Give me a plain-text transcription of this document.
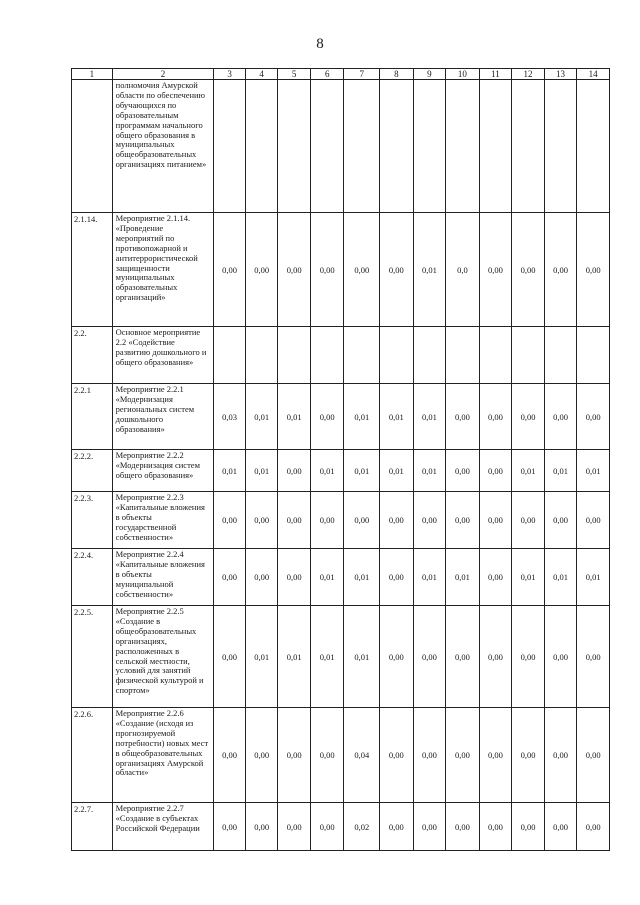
8
1	2	3	4	5	6	7	8	9	10	11	12	13	14
	полномочия Амурской области по обеспечению обучающихся по образовательным программам начального общего образования в муниципальных общеобразовательных организациях питанием»												
2.1.14.	Мероприятие 2.1.14. «Проведение мероприятий по противопожарной и антитеррористической защищенности муниципальных образовательных организаций»	0,00	0,00	0,00	0,00	0,00	0,00	0,01	0,0	0,00	0,00	0,00	0,00
2.2.	Основное мероприятие 2.2 «Содействие развитию дошкольного и общего образования»												
2.2.1	Мероприятие 2.2.1 «Модернизация региональных систем дошкольного образования»	0,03	0,01	0,01	0,00	0,01	0,01	0,01	0,00	0,00	0,00	0,00	0,00
2.2.2.	Мероприятие 2.2.2 «Модернизация систем общего образования»	0,01	0,01	0,00	0,01	0,01	0,01	0,01	0,00	0,00	0,01	0,01	0,01
2.2.3.	Мероприятие 2.2.3 «Капитальные вложения в объекты государственной собственности»	0,00	0,00	0,00	0,00	0,00	0,00	0,00	0,00	0,00	0,00	0,00	0,00
2.2.4.	Мероприятие 2.2.4 «Капитальные вложения в объекты муниципальной собственности»	0,00	0,00	0,00	0,01	0,01	0,00	0,01	0,01	0,00	0,01	0,01	0,01
2.2.5.	Мероприятие 2.2.5 «Создание в общеобразовательных организациях, расположенных в сельской местности, условий для занятий физической культурой и спортом»	0,00	0,01	0,01	0,01	0,01	0,00	0,00	0,00	0,00	0,00	0,00	0,00
2.2.6.	Мероприятие 2.2.6 «Создание (исходя из прогнозируемой потребности) новых мест в общеобразовательных организациях Амурской области»	0,00	0,00	0,00	0,00	0,04	0,00	0,00	0,00	0,00	0,00	0,00	0,00
2.2.7.	Мероприятие 2.2.7 «Создание в субъектах Российской Федерации	0,00	0,00	0,00	0,00	0,02	0,00	0,00	0,00	0,00	0,00	0,00	0,00
